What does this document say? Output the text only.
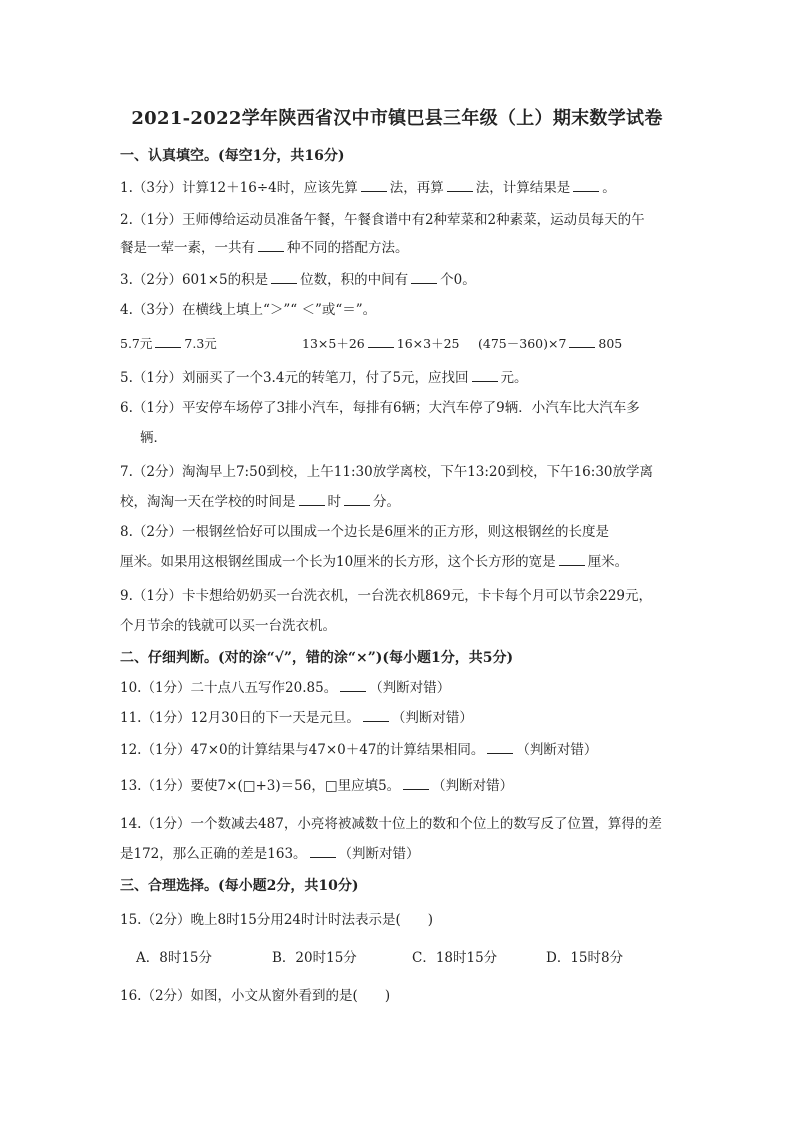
2021-2022学年陕西省汉中市镇巴县三年级（上）期末数学试卷
一、认真填空。(每空1分，共16分)
1.（3分）计算12＋16÷4时，应该先算 法，再算 法，计算结果是 。
2.（1分）王师傅给运动员准备午餐，午餐食谱中有2种荤菜和2种素菜，运动员每天的午
餐是一荤一素，一共有 种不同的搭配方法。
3.（2分）601×5的积是 位数，积的中间有 个0。
4.（3分）在横线上填上“＞”“ ＜”或“＝”。
5.7元	7.3元	13×5＋26	16×3＋25 (475－360)×7	805
5.（1分）刘丽买了一个3.4元的转笔刀，付了5元，应找回 元。
6.（1分）平安停车场停了3排小汽车，每排有6辆；大汽车停了9辆．小汽车比大汽车多
辆．
7.（2分）淘淘早上7:50到校，上午11:30放学离校，下午13:20到校，下午16:30放学离
校，淘淘一天在学校的时间是 时 分。
8.（2分）一根钢丝恰好可以围成一个边长是6厘米的正方形，则这根钢丝的长度是
厘米。如果用这根钢丝围成一个长为10厘米的长方形，这个长方形的宽是 厘米。
9.（1分）卡卡想给奶奶买一台洗衣机，一台洗衣机869元，卡卡每个月可以节余229元，
个月节余的钱就可以买一台洗衣机。
二、仔细判断。(对的涂“√”，错的涂“×”)(每小题1分，共5分)
10.（1分）二十点八五写作20.85。 （判断对错）
11.（1分）12月30日的下一天是元旦。 （判断对错）
12.（1分）47×0的计算结果与47×0＋47的计算结果相同。 （判断对错）
13.（1分）要使7×(□+3)＝56，□里应填5。 （判断对错）
14.（1分）一个数减去487，小亮将被减数十位上的数和个位上的数写反了位置，算得的差
是172，那么正确的差是163。 （判断对错）
三、合理选择。(每小题2分，共10分)
15.（2分）晚上8时15分用24时计时法表示是(　　)
A．8时15分	B．20时15分	C．18时15分	D．15时8分
16.（2分）如图，小文从窗外看到的是(　　)
